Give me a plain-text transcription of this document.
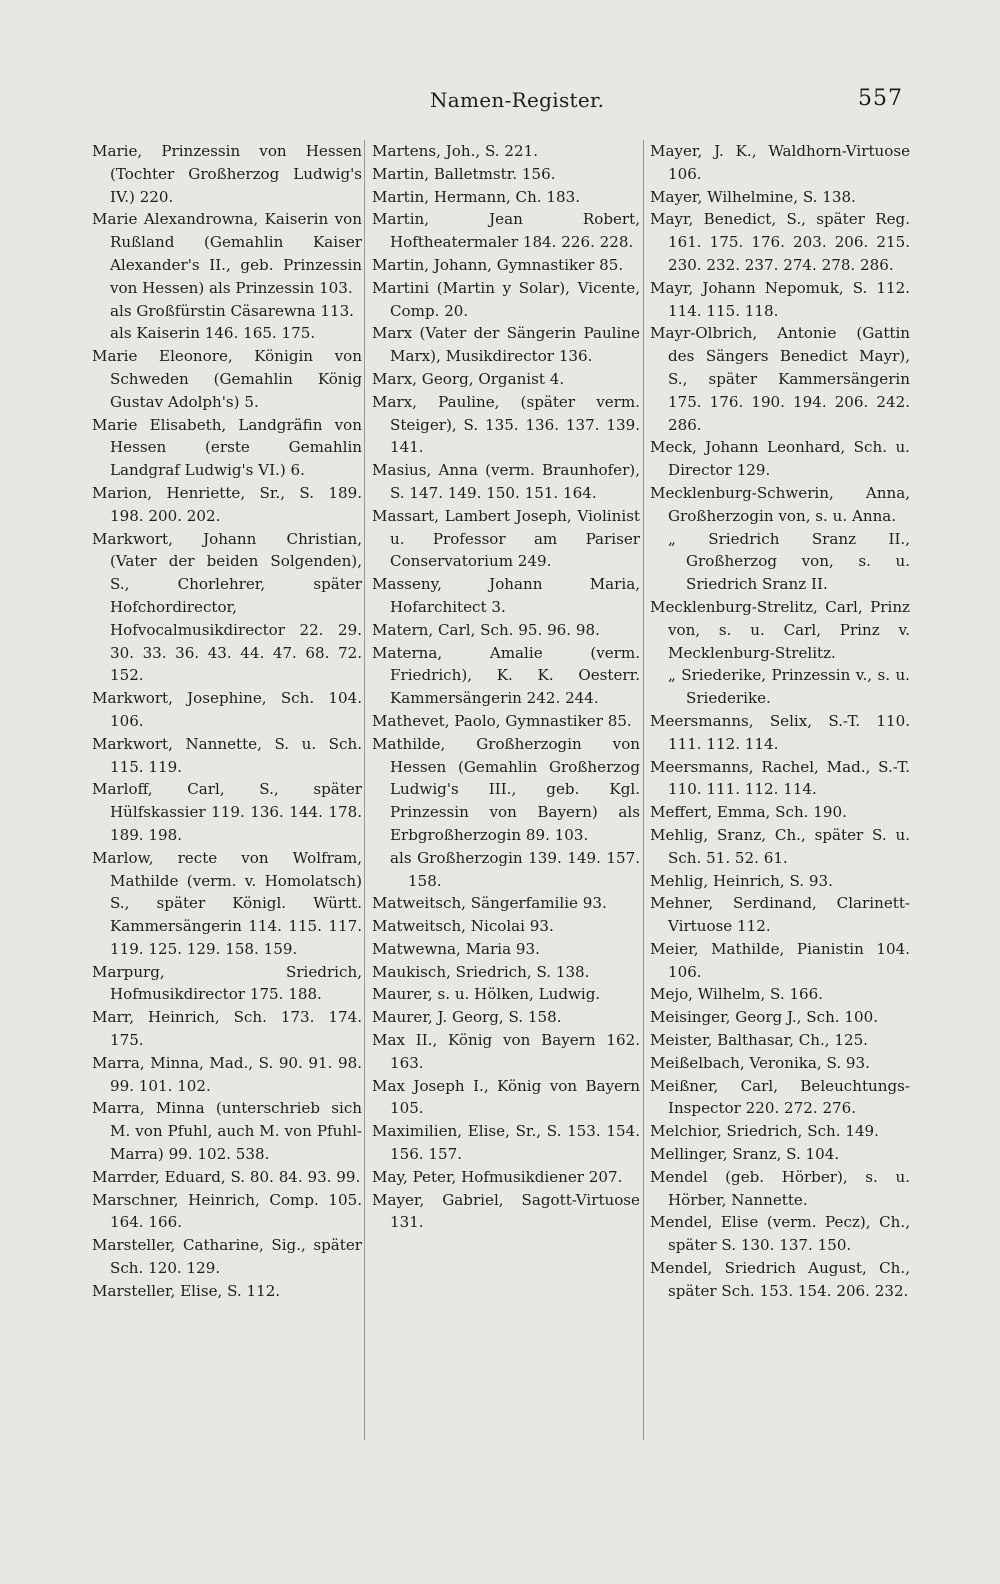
Namen-Register.	557

Marie, Prinzessin von Hessen (Tochter Großherzog Ludwig's IV.) 220.

Marie Alexandrowna, Kaiserin von Rußland (Gemahlin Kaiser Alexander's II., geb. Prinzessin von Hessen) als Prinzessin 103.

als Großfürstin Cäsarewna 113.

als Kaiserin 146. 165. 175.

Marie Eleonore, Königin von Schweden (Gemahlin König Gustav Adolph's) 5.

Marie Elisabeth, Landgräfin von Hessen (erste Gemahlin Landgraf Ludwig's VI.) 6.

Marion, Henriette, Sr., S. 189. 198. 200. 202.

Markwort, Johann Christian, (Vater der beiden Solgenden), S., Chorlehrer, später Hofchordirector, Hofvocalmusikdirector 22. 29. 30. 33. 36. 43. 44. 47. 68. 72. 152.

Markwort, Josephine, Sch. 104. 106.

Markwort, Nannette, S. u. Sch. 115. 119.

Marloff, Carl, S., später Hülfskassier 119. 136. 144. 178. 189. 198.

Marlow, recte von Wolfram, Mathilde (verm. v. Homolatsch) S., später Königl. Württ. Kammersängerin 114. 115. 117. 119. 125. 129. 158. 159.

Marpurg, Sriedrich, Hofmusikdirector 175. 188.

Marr, Heinrich, Sch. 173. 174. 175.

Marra, Minna, Mad., S. 90. 91. 98. 99. 101. 102.

Marra, Minna (unterschrieb sich M. von Pfuhl, auch M. von Pfuhl-Marra) 99. 102. 538.

Marrder, Eduard, S. 80. 84. 93. 99.

Marschner, Heinrich, Comp. 105. 164. 166.

Marsteller, Catharine, Sig., später Sch. 120. 129.

Marsteller, Elise, S. 112.

Martens, Joh., S. 221.

Martin, Balletmstr. 156.

Martin, Hermann, Ch. 183.

Martin, Jean Robert, Hoftheatermaler 184. 226. 228.

Martin, Johann, Gymnastiker 85.

Martini (Martin y Solar), Vicente, Comp. 20.

Marx (Vater der Sängerin Pauline Marx), Musikdirector 136.

Marx, Georg, Organist 4.

Marx, Pauline, (später verm. Steiger), S. 135. 136. 137. 139. 141.

Masius, Anna (verm. Braunhofer), S. 147. 149. 150. 151. 164.

Massart, Lambert Joseph, Violinist u. Professor am Pariser Conservatorium 249.

Masseny, Johann Maria, Hofarchitect 3.

Matern, Carl, Sch. 95. 96. 98.

Materna, Amalie (verm. Friedrich), K. K. Oesterr. Kammersängerin 242. 244.

Mathevet, Paolo, Gymnastiker 85.

Mathilde, Großherzogin von Hessen (Gemahlin Großherzog Ludwig's III., geb. Kgl. Prinzessin von Bayern) als Erbgroßherzogin 89. 103.

als Großherzogin 139. 149. 157. 158.

Matweitsch, Sängerfamilie 93.

Matweitsch, Nicolai 93.

Matwewna, Maria 93.

Maukisch, Sriedrich, S. 138.

Maurer, s. u. Hölken, Ludwig.

Maurer, J. Georg, S. 158.

Max II., König von Bayern 162. 163.

Max Joseph I., König von Bayern 105.

Maximilien, Elise, Sr., S. 153. 154. 156. 157.

May, Peter, Hofmusikdiener 207.

Mayer, Gabriel, Sagott-Virtuose 131.

Mayer, J. K., Waldhorn-Virtuose 106.

Mayer, Wilhelmine, S. 138.

Mayr, Benedict, S., später Reg. 161. 175. 176. 203. 206. 215. 230. 232. 237. 274. 278. 286.

Mayr, Johann Nepomuk, S. 112. 114. 115. 118.

Mayr-Olbrich, Antonie (Gattin des Sängers Benedict Mayr), S., später Kammersängerin 175. 176. 190. 194. 206. 242. 286.

Meck, Johann Leonhard, Sch. u. Director 129.

Mecklenburg-Schwerin, Anna, Großherzogin von, s. u. Anna.

„ Sriedrich Sranz II., Großherzog von, s. u. Sriedrich Sranz II.

Mecklenburg-Strelitz, Carl, Prinz von, s. u. Carl, Prinz v. Mecklenburg-Strelitz.

„ Sriederike, Prinzessin v., s. u. Sriederike.

Meersmanns, Selix, S.-T. 110. 111. 112. 114.

Meersmanns, Rachel, Mad., S.-T. 110. 111. 112. 114.

Meffert, Emma, Sch. 190.

Mehlig, Sranz, Ch., später S. u. Sch. 51. 52. 61.

Mehlig, Heinrich, S. 93.

Mehner, Serdinand, Clarinett-Virtuose 112.

Meier, Mathilde, Pianistin 104. 106.

Mejo, Wilhelm, S. 166.

Meisinger, Georg J., Sch. 100.

Meister, Balthasar, Ch., 125.

Meißelbach, Veronika, S. 93.

Meißner, Carl, Beleuchtungs-Inspector 220. 272. 276.

Melchior, Sriedrich, Sch. 149.

Mellinger, Sranz, S. 104.

Mendel (geb. Hörber), s. u. Hörber, Nannette.

Mendel, Elise (verm. Pecz), Ch., später S. 130. 137. 150.

Mendel, Sriedrich August, Ch., später Sch. 153. 154. 206. 232.
